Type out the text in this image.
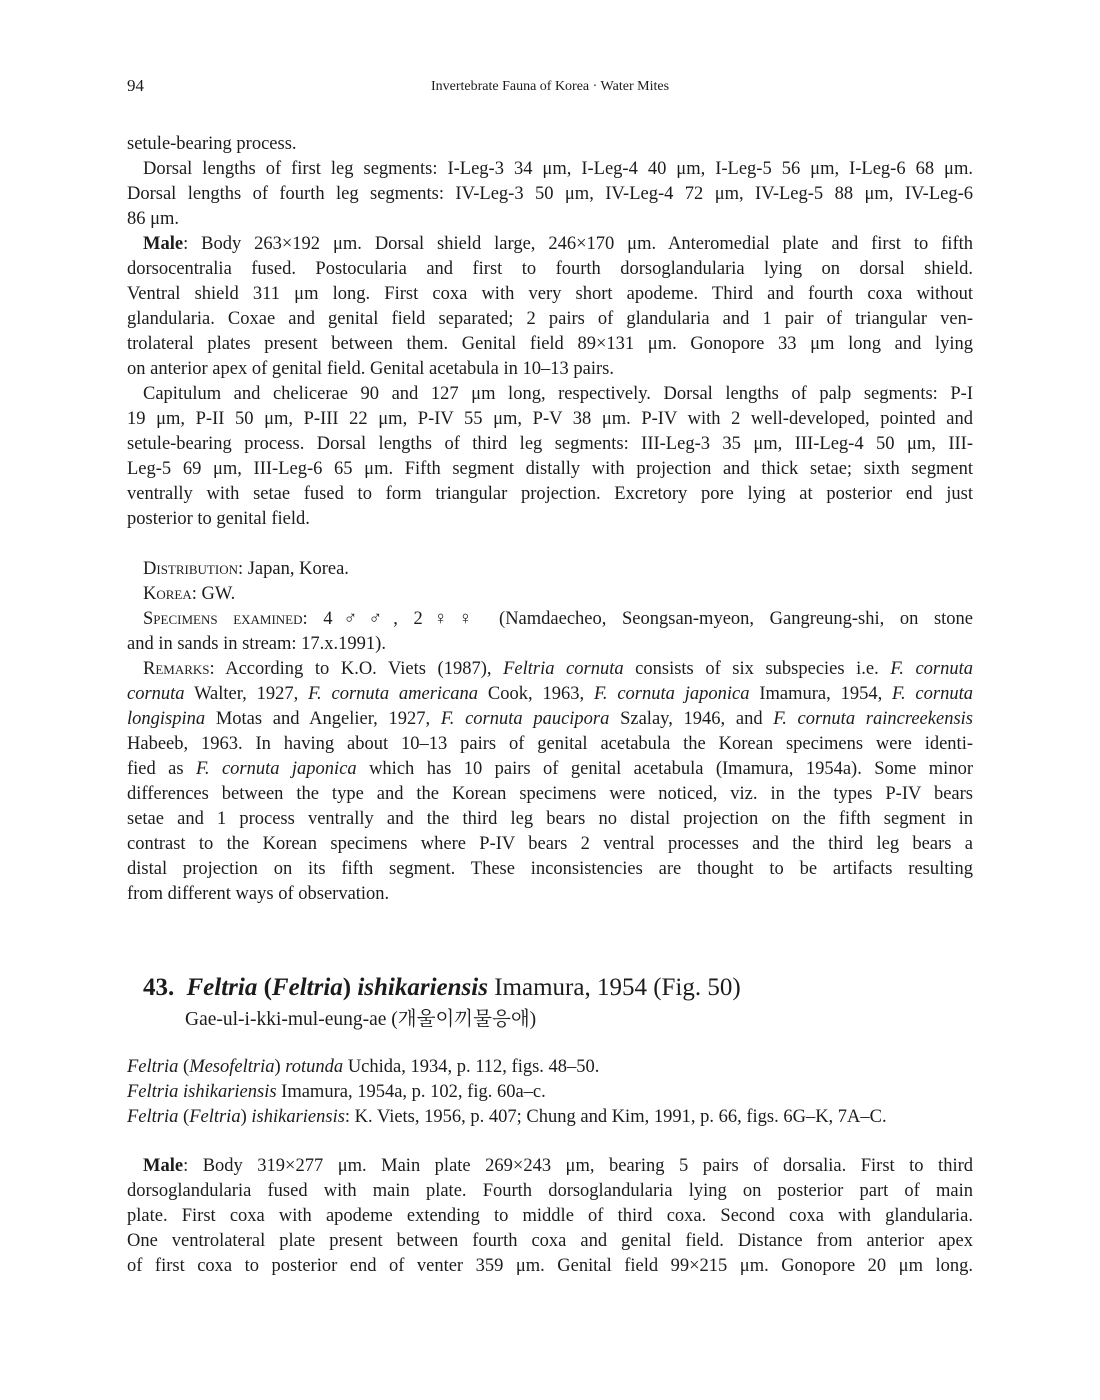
94	Invertebrate Fauna of Korea · Water Mites
setule-bearing process.
Dorsal lengths of first leg segments: I-Leg-3 34 μm, I-Leg-4 40 μm, I-Leg-5 56 μm, I-Leg-6 68 μm.
Dorsal lengths of fourth leg segments: IV-Leg-3 50 μm, IV-Leg-4 72 μm, IV-Leg-5 88 μm, IV-Leg-6
86 μm.
Male: Body 263×192 μm. Dorsal shield large, 246×170 μm. Anteromedial plate and first to fifth
dorsocentralia fused. Postocularia and first to fourth dorsoglandularia lying on dorsal shield.
Ventral shield 311 μm long. First coxa with very short apodeme. Third and fourth coxa without
glandularia. Coxae and genital field separated; 2 pairs of glandularia and 1 pair of triangular ven-
trolateral plates present between them. Genital field 89×131 μm. Gonopore 33 μm long and lying
on anterior apex of genital field. Genital acetabula in 10–13 pairs.
Capitulum and chelicerae 90 and 127 μm long, respectively. Dorsal lengths of palp segments: P-I
19 μm, P-II 50 μm, P-III 22 μm, P-IV 55 μm, P-V 38 μm. P-IV with 2 well-developed, pointed and
setule-bearing process. Dorsal lengths of third leg segments: III-Leg-3 35 μm, III-Leg-4 50 μm, III-
Leg-5 69 μm, III-Leg-6 65 μm. Fifth segment distally with projection and thick setae; sixth segment
ventrally with setae fused to form triangular projection. Excretory pore lying at posterior end just
posterior to genital field.
Distribution: Japan, Korea.
Korea: GW.
Specimens examined: 4♂♂, 2♀♀ (Namdaecheo, Seongsan-myeon, Gangreung-shi, on stone
and in sands in stream: 17.x.1991).
Remarks: According to K.O. Viets (1987), Feltria cornuta consists of six subspecies i.e. F. cornuta
cornuta Walter, 1927, F. cornuta americana Cook, 1963, F. cornuta japonica Imamura, 1954, F. cornuta
longispina Motas and Angelier, 1927, F. cornuta paucipora Szalay, 1946, and F. cornuta raincreekensis
Habeeb, 1963. In having about 10–13 pairs of genital acetabula the Korean specimens were identi-
fied as F. cornuta japonica which has 10 pairs of genital acetabula (Imamura, 1954a). Some minor
differences between the type and the Korean specimens were noticed, viz. in the types P-IV bears
setae and 1 process ventrally and the third leg bears no distal projection on the fifth segment in
contrast to the Korean specimens where P-IV bears 2 ventral processes and the third leg bears a
distal projection on its fifth segment. These inconsistencies are thought to be artifacts resulting
from different ways of observation.
43. Feltria (Feltria) ishikariensis Imamura, 1954 (Fig. 50)
Gae-ul-i-kki-mul-eung-ae (개울이끼물응애)
Feltria (Mesofeltria) rotunda Uchida, 1934, p. 112, figs. 48–50.
Feltria ishikariensis Imamura, 1954a, p. 102, fig. 60a–c.
Feltria (Feltria) ishikariensis: K. Viets, 1956, p. 407; Chung and Kim, 1991, p. 66, figs. 6G–K, 7A–C.
Male: Body 319×277 μm. Main plate 269×243 μm, bearing 5 pairs of dorsalia. First to third
dorsoglandularia fused with main plate. Fourth dorsoglandularia lying on posterior part of main
plate. First coxa with apodeme extending to middle of third coxa. Second coxa with glandularia.
One ventrolateral plate present between fourth coxa and genital field. Distance from anterior apex
of first coxa to posterior end of venter 359 μm. Genital field 99×215 μm. Gonopore 20 μm long.
